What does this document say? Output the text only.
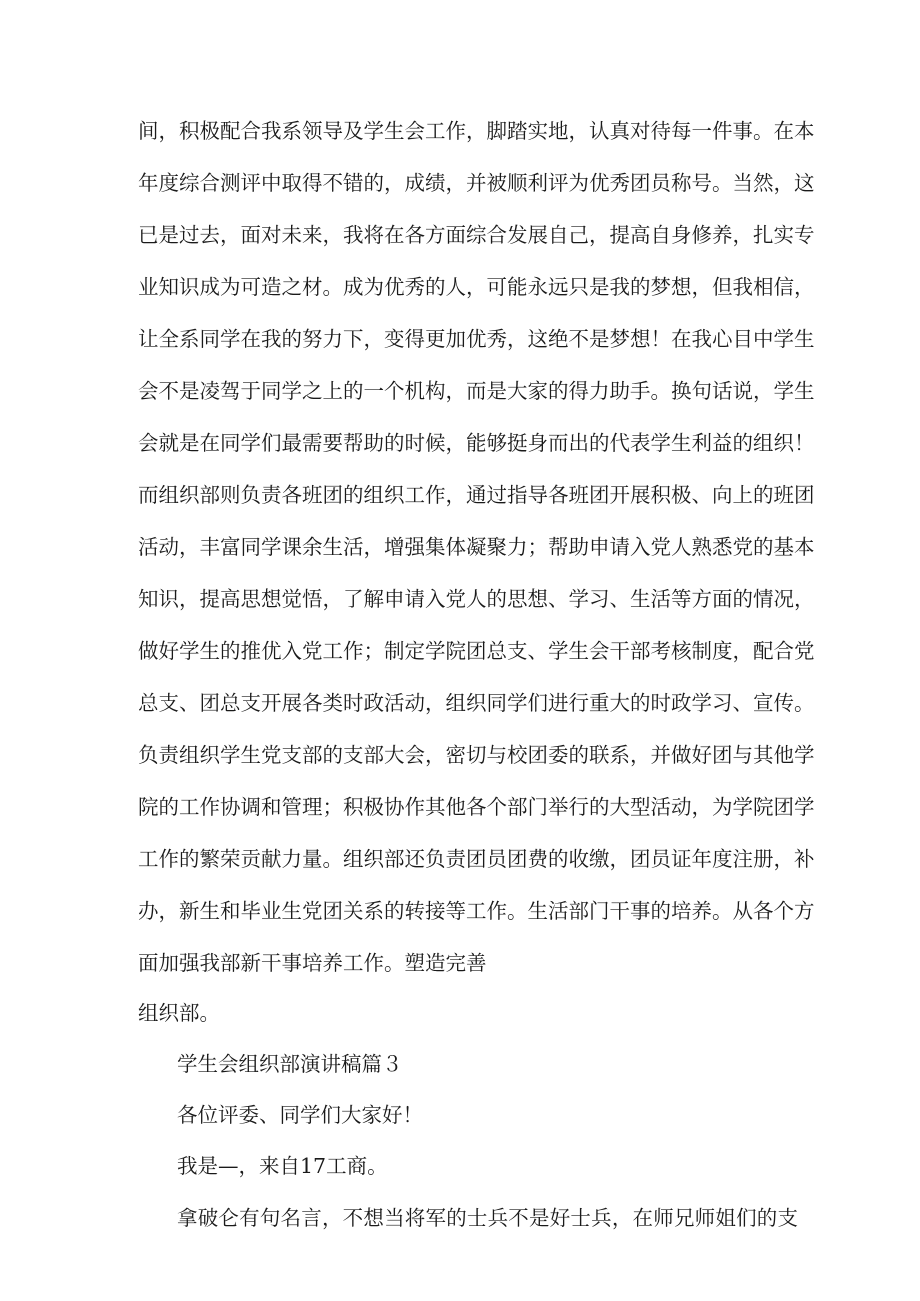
间，积极配合我系领导及学生会工作，脚踏实地，认真对待每一件事。在本
年度综合测评中取得不错的，成绩，并被顺利评为优秀团员称号。当然，这
已是过去，面对未来，我将在各方面综合发展自己，提高自身修养，扎实专
业知识成为可造之材。成为优秀的人，可能永远只是我的梦想，但我相信，
让全系同学在我的努力下，变得更加优秀，这绝不是梦想！在我心目中学生
会不是凌驾于同学之上的一个机构，而是大家的得力助手。换句话说，学生
会就是在同学们最需要帮助的时候，能够挺身而出的代表学生利益的组织！
而组织部则负责各班团的组织工作，通过指导各班团开展积极、向上的班团
活动，丰富同学课余生活，增强集体凝聚力；帮助申请入党人熟悉党的基本
知识，提高思想觉悟，了解申请入党人的思想、学习、生活等方面的情况，
做好学生的推优入党工作；制定学院团总支、学生会干部考核制度，配合党
总支、团总支开展各类时政活动，组织同学们进行重大的时政学习、宣传。
负责组织学生党支部的支部大会，密切与校团委的联系，并做好团与其他学
院的工作协调和管理；积极协作其他各个部门举行的大型活动，为学院团学
工作的繁荣贡献力量。组织部还负责团员团费的收缴，团员证年度注册，补
办，新生和毕业生党团关系的转接等工作。生活部门干事的培养。从各个方
面加强我部新干事培养工作。塑造完善
组织部。
学生会组织部演讲稿篇３
各位评委、同学们大家好！
我是—，来自17工商。
拿破仑有句名言，不想当将军的士兵不是好士兵，在师兄师姐们的支
